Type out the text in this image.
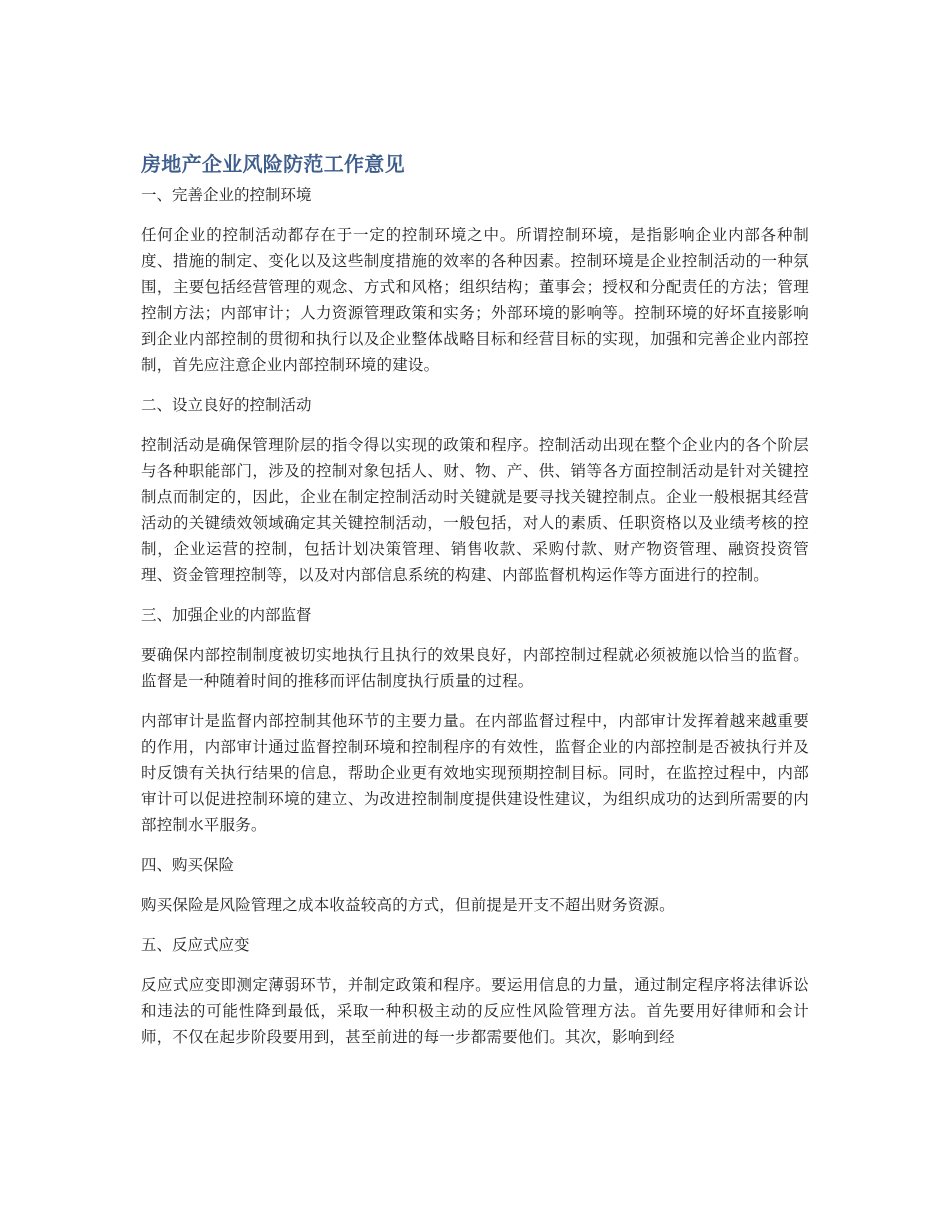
房地产企业风险防范工作意见
一、完善企业的控制环境

任何企业的控制活动都存在于一定的控制环境之中。所谓控制环境，是指影响企业内部各种制度、措施的制定、变化以及这些制度措施的效率的各种因素。控制环境是企业控制活动的一种氛围，主要包括经营管理的观念、方式和风格；组织结构；董事会；授权和分配责任的方法；管理控制方法；内部审计；人力资源管理政策和实务；外部环境的影响等。控制环境的好坏直接影响到企业内部控制的贯彻和执行以及企业整体战略目标和经营目标的实现，加强和完善企业内部控制，首先应注意企业内部控制环境的建设。

二、设立良好的控制活动

控制活动是确保管理阶层的指令得以实现的政策和程序。控制活动出现在整个企业内的各个阶层与各种职能部门，涉及的控制对象包括人、财、物、产、供、销等各方面控制活动是针对关键控制点而制定的，因此，企业在制定控制活动时关键就是要寻找关键控制点。企业一般根据其经营活动的关键绩效领域确定其关键控制活动，一般包括，对人的素质、任职资格以及业绩考核的控制，企业运营的控制，包括计划决策管理、销售收款、采购付款、财产物资管理、融资投资管理、资金管理控制等，以及对内部信息系统的构建、内部监督机构运作等方面进行的控制。

三、加强企业的内部监督

要确保内部控制制度被切实地执行且执行的效果良好，内部控制过程就必须被施以恰当的监督。监督是一种随着时间的推移而评估制度执行质量的过程。

内部审计是监督内部控制其他环节的主要力量。在内部监督过程中，内部审计发挥着越来越重要的作用，内部审计通过监督控制环境和控制程序的有效性，监督企业的内部控制是否被执行并及时反馈有关执行结果的信息，帮助企业更有效地实现预期控制目标。同时，在监控过程中，内部审计可以促进控制环境的建立、为改进控制制度提供建设性建议，为组织成功的达到所需要的内部控制水平服务。

四、购买保险

购买保险是风险管理之成本收益较高的方式，但前提是开支不超出财务资源。

五、反应式应变

反应式应变即测定薄弱环节，并制定政策和程序。要运用信息的力量，通过制定程序将法律诉讼和违法的可能性降到最低，采取一种积极主动的反应性风险管理方法。首先要用好律师和会计师，不仅在起步阶段要用到，甚至前进的每一步都需要他们。其次，影响到经
